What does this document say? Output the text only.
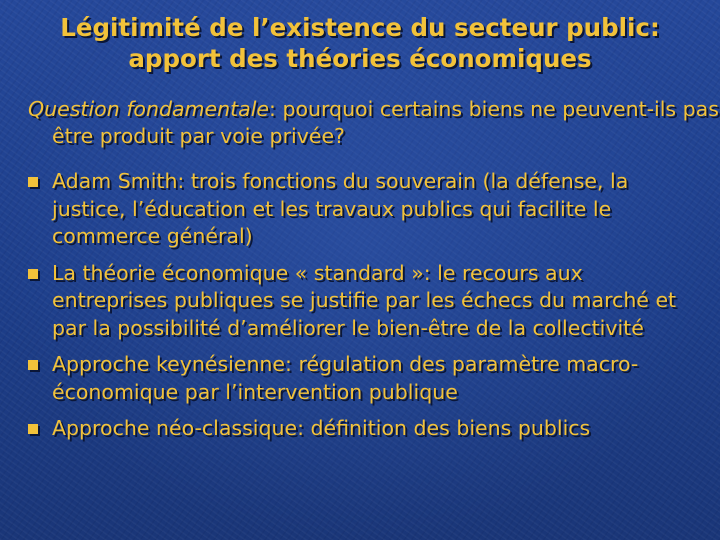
Légitimité de l’existence du secteur public:
apport des théories économiques

Question fondamentale: pourquoi certains biens ne peuvent-ils pas être produit par voie privée?

Adam Smith: trois fonctions du souverain (la défense, la justice, l’éducation et les travaux publics qui facilite le commerce général)
La théorie économique « standard »: le recours aux entreprises publiques se justifie par les échecs du marché et par la possibilité d’améliorer le bien-être de la collectivité
Approche keynésienne: régulation des paramètre macro-économique par l’intervention publique
Approche néo-classique: définition des biens publics
